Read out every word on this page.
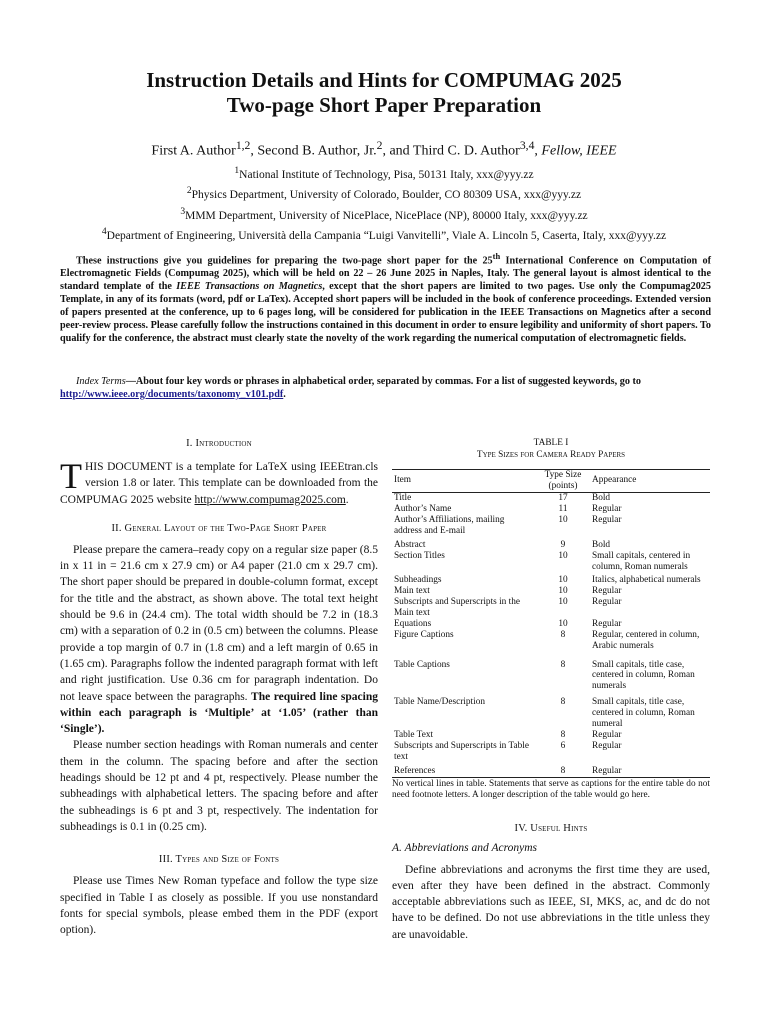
Instruction Details and Hints for COMPUMAG 2025
Two-page Short Paper Preparation
First A. Author$^{1,2}$, Second B. Author, Jr.$^2$, and Third C. D. Author$^{3,4}$, Fellow, IEEE
$^1$National Institute of Technology, Pisa, 50131 Italy, xxx@yyy.zz
$^2$Physics Department, University of Colorado, Boulder, CO 80309 USA, xxx@yyy.zz
$^3$MMM Department, University of NicePlace, NicePlace (NP), 80000 Italy, xxx@yyy.zz
$^4$Department of Engineering, Università della Campania “Luigi Vanvitelli”, Viale A. Lincoln 5, Caserta, Italy, xxx@yyy.zz
These instructions give you guidelines for preparing the two-page short paper for the 25th International Conference on Computation of Electromagnetic Fields (Compumag 2025), which will be held on 22 – 26 June 2025 in Naples, Italy. The general layout is almost identical to the standard template of the IEEE Transactions on Magnetics, except that the short papers are limited to two pages. Use only the Compumag2025 Template, in any of its formats (word, pdf or LaTex). Accepted short papers will be included in the book of conference proceedings. Extended version of papers presented at the conference, up to 6 pages long, will be considered for publication in the IEEE Transactions on Magnetics after a second peer-review process. Please carefully follow the instructions contained in this document in order to ensure legibility and uniformity of short papers. To qualify for the conference, the abstract must clearly state the novelty of the work regarding the numerical computation of electromagnetic fields.
Index Terms—About four key words or phrases in alphabetical order, separated by commas. For a list of suggested keywords, go to http://www.ieee.org/documents/taxonomy_v101.pdf.
I. Introduction

THIS DOCUMENT is a template for LaTeX using IEEEtran.cls version 1.8 or later. This template can be downloaded from the COMPUMAG 2025 website http://www.compumag2025.com.

II. General Layout of the Two-Page Short Paper

Please prepare the camera–ready copy on a regular size paper (8.5 in x 11 in = 21.6 cm x 27.9 cm) or A4 paper (21.0 cm x 29.7 cm). The short paper should be prepared in double-column format, except for the title and the abstract, as shown above. The total text height should be 9.6 in (24.4 cm). The total width should be 7.2 in (18.3 cm) with a separation of 0.2 in (0.5 cm) between the columns. Please provide a top margin of 0.7 in (1.8 cm) and a left margin of 0.65 in (1.65 cm). Paragraphs follow the indented paragraph format with left and right justification. Use 0.36 cm for paragraph indentation. Do not leave space between the paragraphs. The required line spacing within each paragraph is ‘Multiple’ at ‘1.05’ (rather than ‘Single’).

Please number section headings with Roman numerals and center them in the column. The spacing before and after the section headings should be 12 pt and 4 pt, respectively. Please number the subheadings with alphabetical letters. The spacing before and after the subheadings is 6 pt and 3 pt, respectively. The indentation for subheadings is 0.1 in (0.25 cm).

III. Types and Size of Fonts

Please use Times New Roman typeface and follow the type size specified in Table I as closely as possible. If you use nonstandard fonts for special symbols, please embed them in the PDF (export option).

TABLE I
Type Sizes for Camera Ready Papers
Item	Type Size (points)	Appearance
Title	17	Bold
Author’s Name	11	Regular
Author’s Affiliations, mailing address and E-mail	10	Regular
Abstract	9	Bold
Section Titles	10	Small capitals, centered in column, Roman numerals
Subheadings	10	Italics, alphabetical numerals
Main text	10	Regular
Subscripts and Superscripts in the Main text	10	Regular
Equations	10	Regular
Figure Captions	8	Regular, centered in column, Arabic numerals
Table Captions	8	Small capitals, title case, centered in column, Roman numerals
Table Name/Description	8	Small capitals, title case, centered in column, Roman numeral
Table Text	8	Regular
Subscripts and Superscripts in Table text	6	Regular
References	8	Regular
No vertical lines in table. Statements that serve as captions for the entire table do not need footnote letters. A longer description of the table would go here.
IV. Useful Hints
A. Abbreviations and Acronyms

Define abbreviations and acronyms the first time they are used, even after they have been defined in the abstract. Commonly acceptable abbreviations such as IEEE, SI, MKS, ac, and dc do not have to be defined. Do not use abbreviations in the title unless they are unavoidable.
